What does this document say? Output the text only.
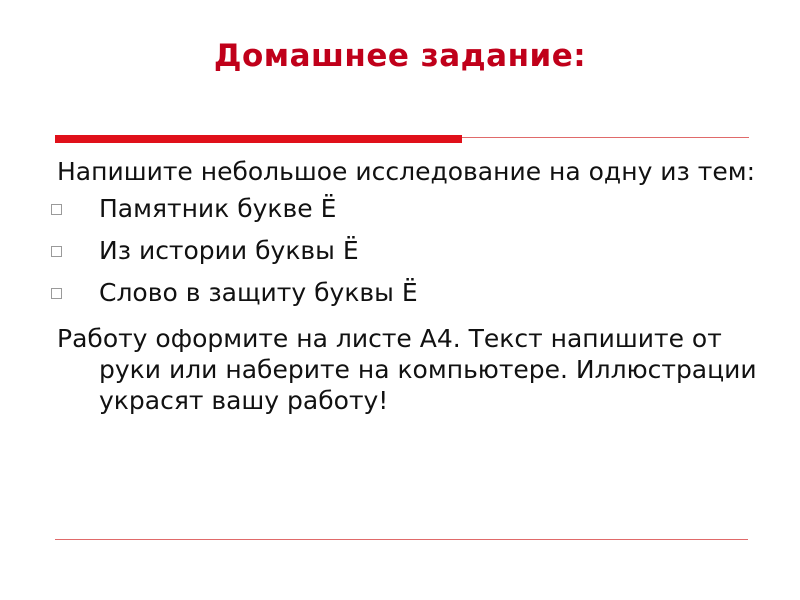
Домашнее задание:

Напишите небольшое исследование на одну из тем:

Памятник букве Ё
Из истории буквы Ё
Слово в защиту буквы Ё

Работу оформите на листе А4. Текст напишите от руки или наберите на компьютере. Иллюстрации украсят вашу работу!
